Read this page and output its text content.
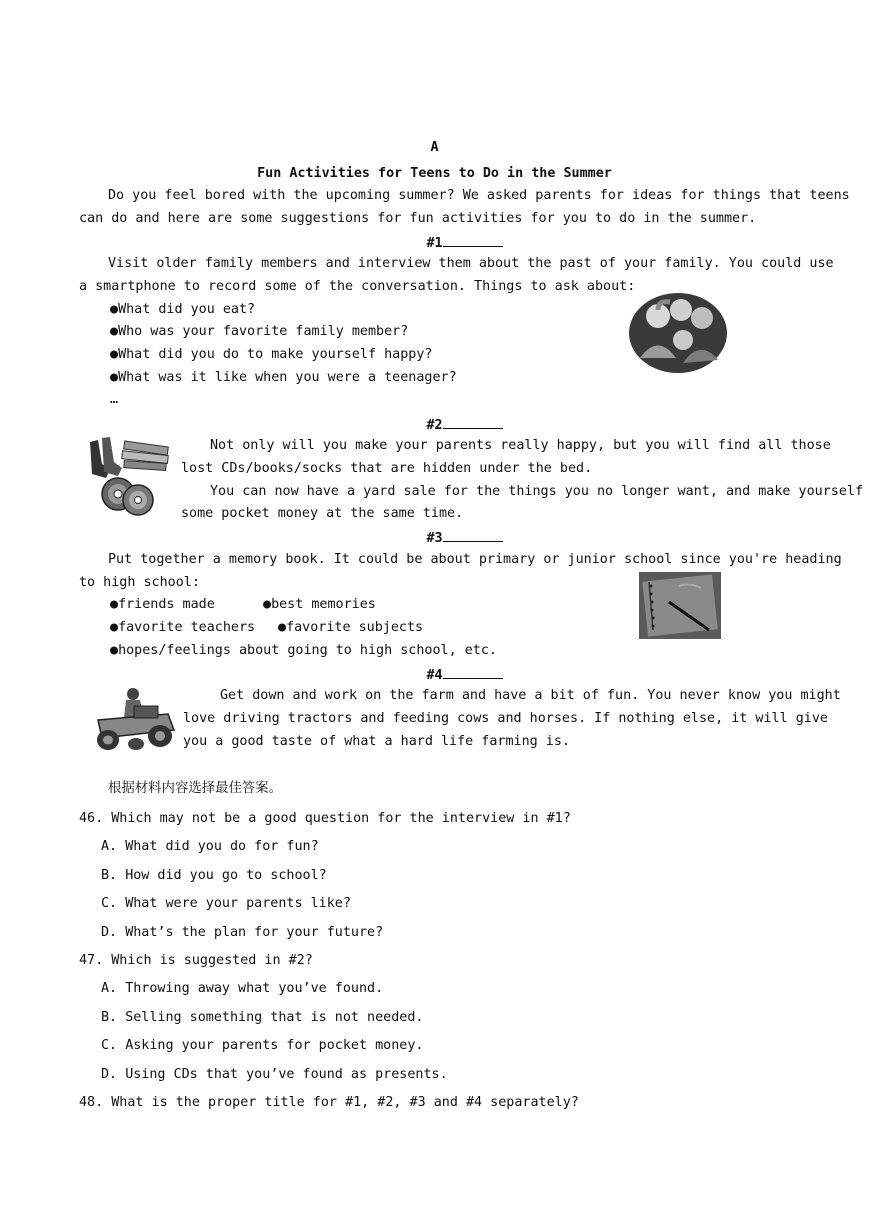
A
Fun Activities for Teens to Do in the Summer
Do you feel bored with the upcoming summer? We asked parents for ideas for things that teens
can do and here are some suggestions for fun activities for you to do in the summer.
#1
Visit older family members and interview them about the past of your family. You could use
a smartphone to record some of the conversation. Things to ask about:
● What did you eat?
● Who was your favorite family member?
● What did you do to make yourself happy?
● What was it like when you were a teenager?
…
#2
Not only will you make your parents really happy, but you will find all those
lost CDs/books/socks that are hidden under the bed.
You can now have a yard sale for the things you no longer want, and make yourself
some pocket money at the same time.
#3
Put together a memory book. It could be about primary or junior school since you're heading
to high school:
● friends made	● best memories
● favorite teachers	● favorite subjects
● hopes/feelings about going to high school, etc.
#4
Get down and work on the farm and have a bit of fun. You never know you might
love driving tractors and feeding cows and horses. If nothing else, it will give
you a good taste of what a hard life farming is.
根据材料内容选择最佳答案。
46. Which may not be a good question for the interview in #1?
A. What did you do for fun?
B. How did you go to school?
C. What were your parents like?
D. What’s the plan for your future?
47. Which is suggested in #2?
A. Throwing away what you’ve found.
B. Selling something that is not needed.
C. Asking your parents for pocket money.
D. Using CDs that you’ve found as presents.
48. What is the proper title for #1, #2, #3 and #4 separately?
